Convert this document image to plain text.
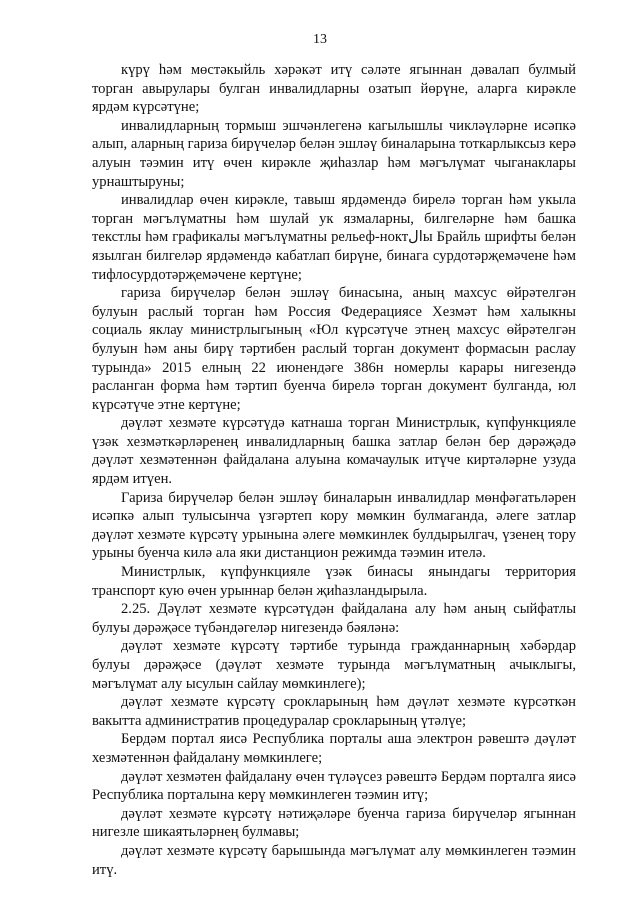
13

күрү һәм мөстәкыйль хәрәкәт итү сәләте ягыннан дәвалап булмый торган авырулары булган инвалидларны озатып йөрүне, аларга кирәкле ярдәм күрсәтүне;

инвалидларның тормыш эшчәнлегенә кагылышлы чикләүләрне исәпкә алып, аларның гариза бирүчеләр белән эшләү биналарына тоткарлыксыз керә алуын тәэмин итү өчен кирәкле җиһазлар һәм мәгълүмат чыганаклары урнаштыруны;

инвалидлар өчен кирәкле, тавыш ярдәмендә бирелә торган һәм укыла торган мәгълүматны һәм шулай ук язмаларны, билгеләрне һәм башка текстлы һәм графикалы мәгълүматны рельеф-ноктالы Брайль шрифты белән язылган билгеләр ярдәмендә кабатлап бирүне, бинага сурдотәрҗемәчене һәм тифлосурдотәрҗемәчене кертүне;

гариза бирүчеләр белән эшләү бинасына, аның махсус өйрәтелгән булуын раслый торган һәм Россия Федерациясе Хезмәт һәм халыкны социаль яклау министрлыгының «Юл күрсәтүче этнең махсус өйрәтелгән булуын һәм аны бирү тәртибен раслый торган документ формасын раслау турында» 2015 елның 22 июнендәге 386н номерлы карары нигезендә расланган форма һәм тәртип буенча бирелә торган документ булганда, юл күрсәтүче этне кертүне;

дәүләт хезмәте күрсәтүдә катнаша торган Министрлык, күпфункцияле үзәк хезмәткәрләренең инвалидларның башка затлар белән бер дәрәҗәдә дәүләт хезмәтеннән файдалана алуына комачаулык итүче киртәләрне узуда ярдәм итүен.

Гариза бирүчеләр белән эшләү биналарын инвалидлар мөнфәгатьләрен исәпкә алып тулысынча үзгәртеп кору мөмкин булмаганда, әлеге затлар дәүләт хезмәте күрсәтү урынына әлеге мөмкинлек булдырылгач, үзенең тору урыны буенча килә ала яки дистанцион режимда тәэмин ителә.

Министрлык, күпфункцияле үзәк бинасы янындагы территория транспорт кую өчен урыннар белән җиһазландырыла.

2.25. Дәүләт хезмәте күрсәтүдән файдалана алу һәм аның сыйфатлы булуы дәрәҗәсе түбәндәгеләр нигезендә бәяләнә:

дәүләт хезмәте күрсәтү тәртибе турында гражданнарның хәбәрдар булуы дәрәҗәсе (дәүләт хезмәте турында мәгълүматның ачыклыгы, мәгълүмат алу ысулын сайлау мөмкинлеге);

дәүләт хезмәте күрсәтү срокларының һәм дәүләт хезмәте күрсәткән вакытта административ процедуралар срокларының үтәлүе;

Бердәм портал яисә Республика порталы аша электрон рәвештә дәүләт хезмәтеннән файдалану мөмкинлеге;

дәүләт хезмәтен файдалану өчен түләүсез рәвештә Бердәм порталга яисә Республика порталына керү мөмкинлеген тәэмин итү;

дәүләт хезмәте күрсәтү нәтиҗәләре буенча гариза бирүчеләр ягыннан нигезле шикаятьләрнең булмавы;

дәүләт хезмәте күрсәтү барышында мәгълүмат алу мөмкинлеген тәэмин итү.
